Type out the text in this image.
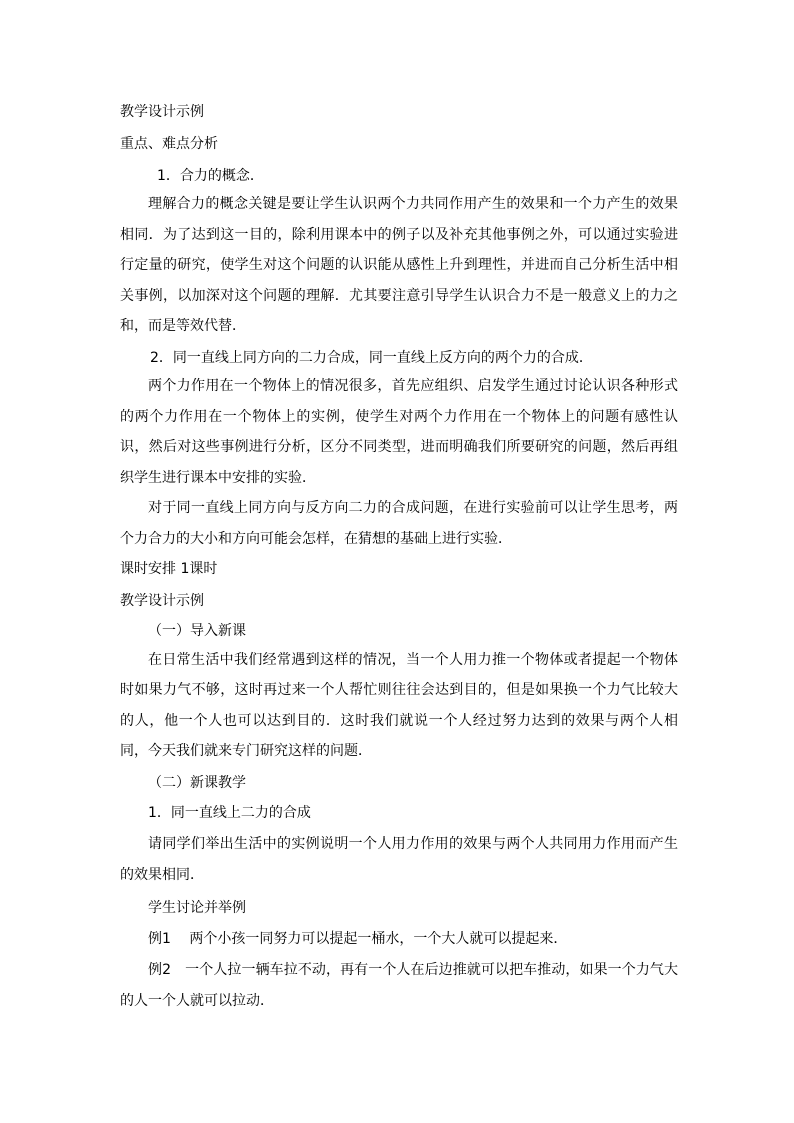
教学设计示例
重点、难点分析
1．合力的概念．
理解合力的概念关键是要让学生认识两个力共同作用产生的效果和一个力产生的效果相同．为了达到这一目的，除利用课本中的例子以及补充其他事例之外，可以通过实验进行定量的研究，使学生对这个问题的认识能从感性上升到理性，并进而自己分析生活中相关事例，以加深对这个问题的理解．尤其要注意引导学生认识合力不是一般意义上的力之和，而是等效代替．
2．同一直线上同方向的二力合成，同一直线上反方向的两个力的合成．
两个力作用在一个物体上的情况很多，首先应组织、启发学生通过讨论认识各种形式的两个力作用在一个物体上的实例，使学生对两个力作用在一个物体上的问题有感性认识，然后对这些事例进行分析，区分不同类型，进而明确我们所要研究的问题，然后再组织学生进行课本中安排的实验．
对于同一直线上同方向与反方向二力的合成问题，在进行实验前可以让学生思考，两个力合力的大小和方向可能会怎样，在猜想的基础上进行实验．
课时安排 1课时
教学设计示例
（一）导入新课
在日常生活中我们经常遇到这样的情况，当一个人用力推一个物体或者提起一个物体时如果力气不够，这时再过来一个人帮忙则往往会达到目的，但是如果换一个力气比较大的人，他一个人也可以达到目的．这时我们就说一个人经过努力达到的效果与两个人相同，今天我们就来专门研究这样的问题．
（二）新课教学
1．同一直线上二力的合成
请同学们举出生活中的实例说明一个人用力作用的效果与两个人共同用力作用而产生的效果相同．
学生讨论并举例
例1　 两个小孩一同努力可以提起一桶水，一个大人就可以提起来．
例2　一个人拉一辆车拉不动，再有一个人在后边推就可以把车推动，如果一个力气大的人一个人就可以拉动．
